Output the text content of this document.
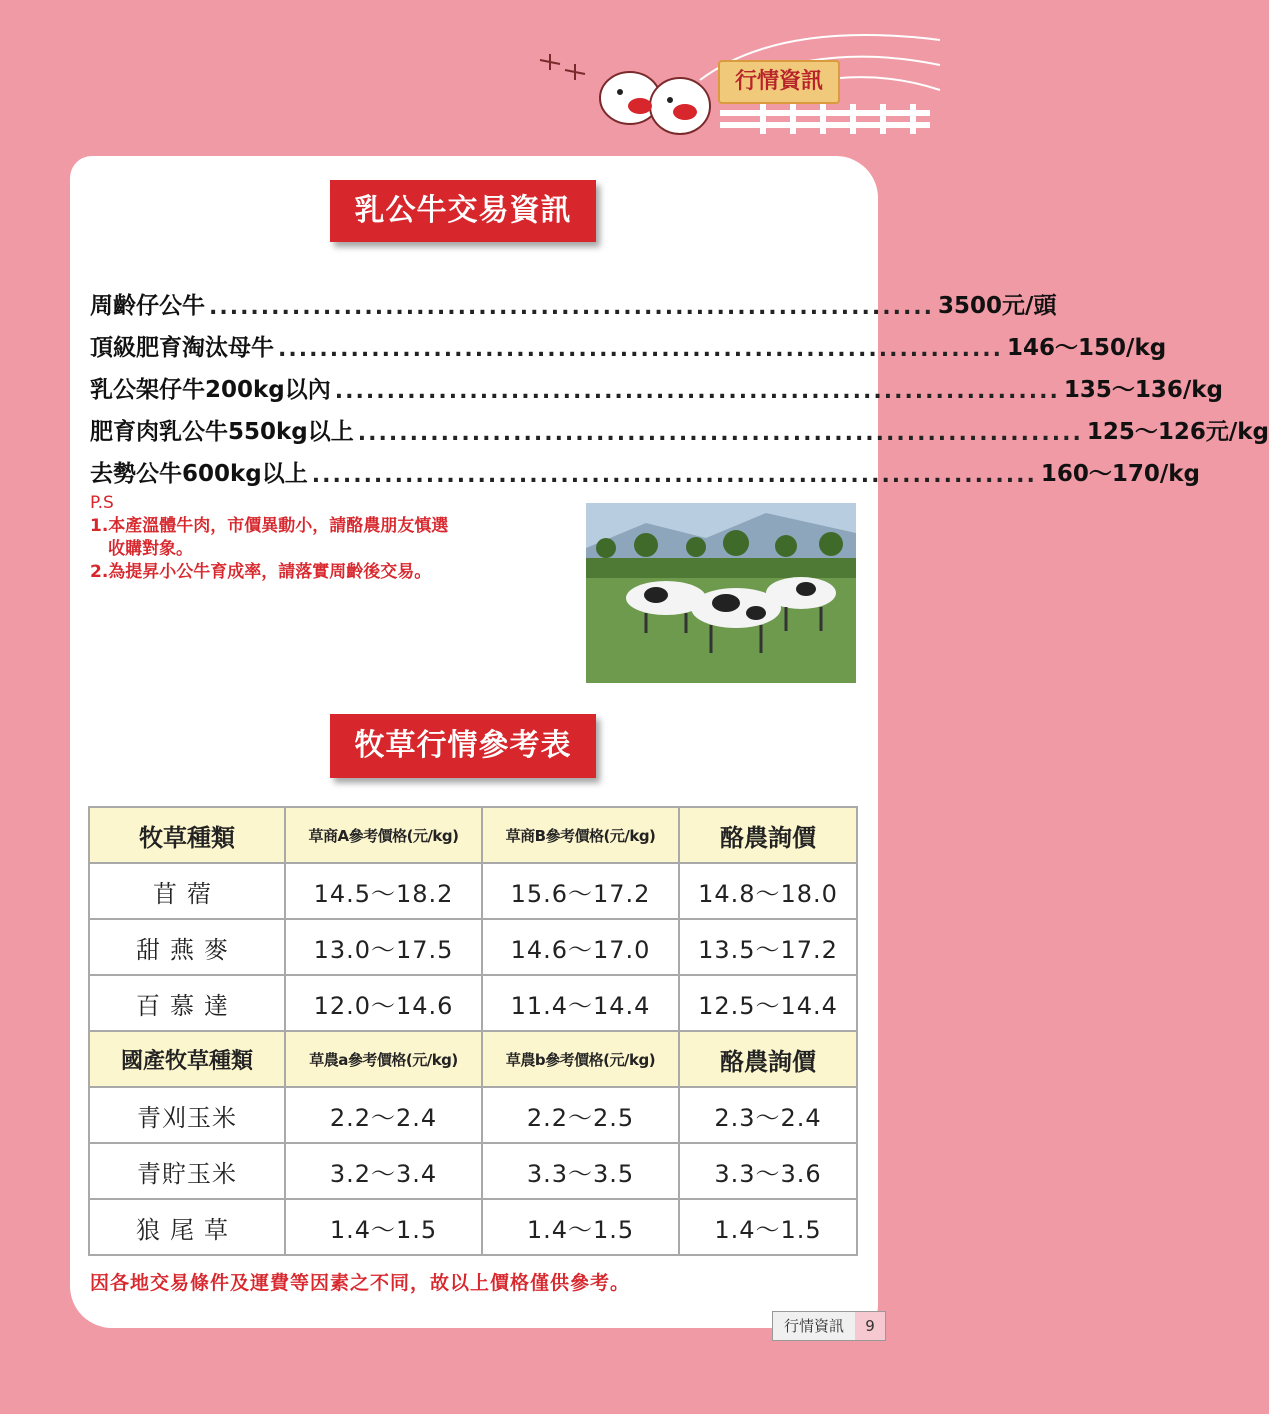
行情資訊
乳公牛交易資訊
周齡仔公牛 ...................................................................... 3500元/頭
頂級肥育淘汰母牛 ...................................................................... 146～150/kg
乳公架仔牛200kg以內 ...................................................................... 135～136/kg
肥育肉乳公牛550kg以上 ...................................................................... 125～126元/kg
去勢公牛600kg以上 ...................................................................... 160～170/kg
P.S
1.本產溫體牛肉，市價異動小，請酪農朋友慎選
收購對象。
2.為提昇小公牛育成率，請落實周齡後交易。
牧草行情參考表
牧草種類	草商A參考價格(元/kg)	草商B參考價格(元/kg)	酪農詢價
苜蓿	14.5～18.2	15.6～17.2	14.8～18.0
甜燕麥	13.0～17.5	14.6～17.0	13.5～17.2
百慕達	12.0～14.6	11.4～14.4	12.5～14.4
國產牧草種類	草農a參考價格(元/kg)	草農b參考價格(元/kg)	酪農詢價
青刈玉米	2.2～2.4	2.2～2.5	2.3～2.4
青貯玉米	3.2～3.4	3.3～3.5	3.3～3.6
狼尾草	1.4～1.5	1.4～1.5	1.4～1.5
因各地交易條件及運費等因素之不同，故以上價格僅供參考。
行情資訊	9
